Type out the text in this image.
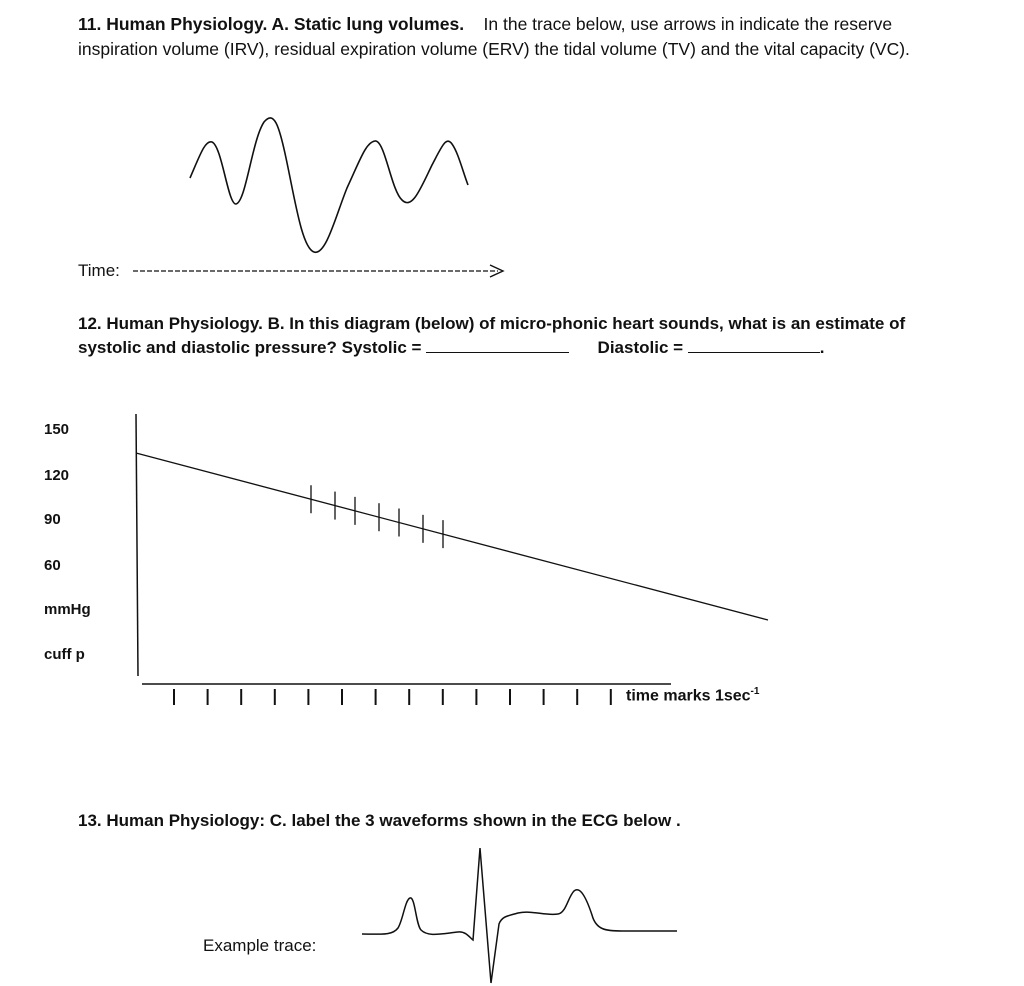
11. Human Physiology. A. Static lung volumes. In the trace below, use arrows in indicate the reserve inspiration volume (IRV), residual expiration volume (ERV) the tidal volume (TV) and the vital capacity (VC).
Time:
12. Human Physiology. B. In this diagram (below) of micro-phonic heart sounds, what is an estimate of systolic and diastolic pressure? Systolic =	Diastolic =	.
150
120
90
60
mmHg
cuff p
time marks $1\sec^{-1}$
13. Human Physiology: C. label the 3 waveforms shown in the ECG below .
Example trace:
